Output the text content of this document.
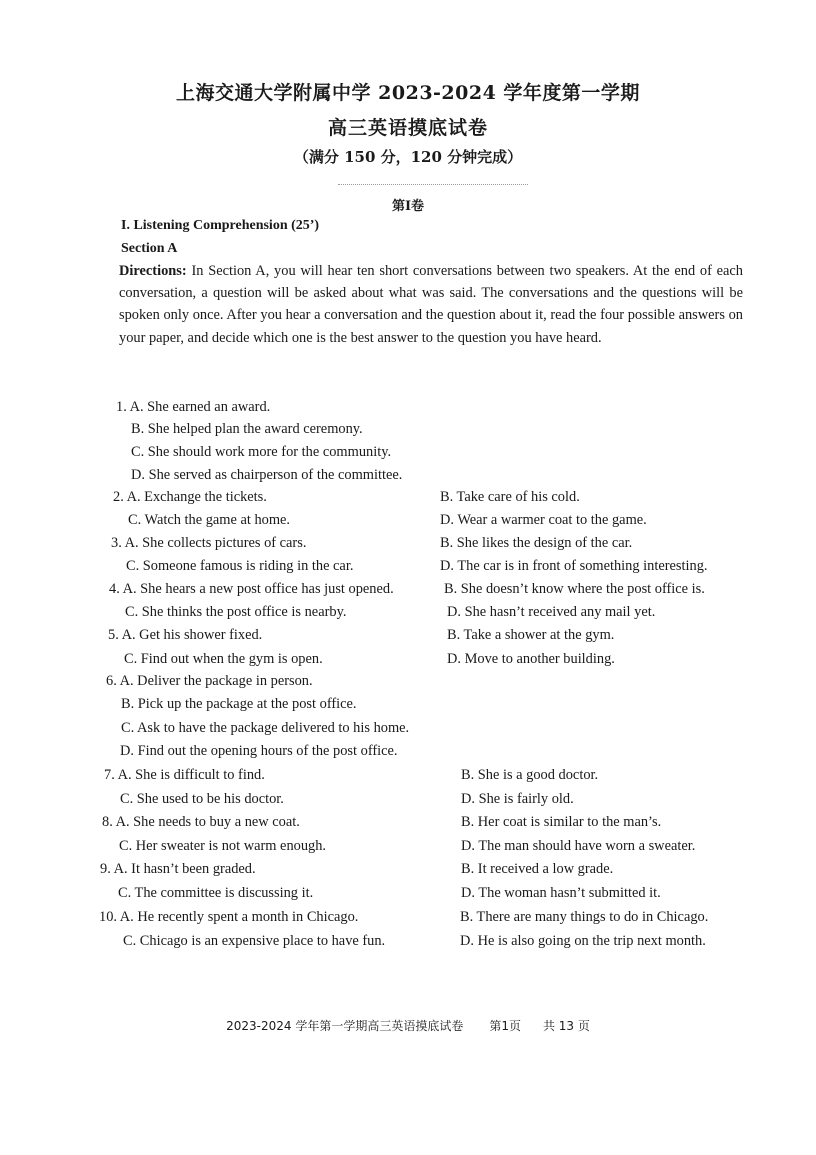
上海交通大学附属中学 2023-2024 学年度第一学期
高三英语摸底试卷
（满分 150 分，120 分钟完成）
第Ⅰ卷
I. Listening Comprehension (25’)
Section A
Directions: In Section A, you will hear ten short conversations between two speakers. At the end of each conversation, a question will be asked about what was said. The conversations and the questions will be spoken only once. After you hear a conversation and the question about it, read the four possible answers on your paper, and decide which one is the best answer to the question you have heard.
1. A. She earned an award.
B. She helped plan the award ceremony.
C. She should work more for the community.
D. She served as chairperson of the committee.
2. A. Exchange the tickets.	B. Take care of his cold.
C. Watch the game at home.	D. Wear a warmer coat to the game.
3. A. She collects pictures of cars.	B. She likes the design of the car.
C. Someone famous is riding in the car.	D. The car is in front of something interesting.
4. A. She hears a new post office has just opened.	B. She doesn’t know where the post office is.
C. She thinks the post office is nearby.	D. She hasn’t received any mail yet.
5. A. Get his shower fixed.	B. Take a shower at the gym.
C. Find out when the gym is open.	D. Move to another building.
6. A. Deliver the package in person.
B. Pick up the package at the post office.
C. Ask to have the package delivered to his home.
D. Find out the opening hours of the post office.
7. A. She is difficult to find.	B. She is a good doctor.
C. She used to be his doctor.	D. She is fairly old.
8. A. She needs to buy a new coat.	B. Her coat is similar to the man’s.
C. Her sweater is not warm enough.	D. The man should have worn a sweater.
9. A. It hasn’t been graded.	B. It received a low grade.
C. The committee is discussing it.	D. The woman hasn’t submitted it.
10. A. He recently spent a month in Chicago.	B. There are many things to do in Chicago.
C. Chicago is an expensive place to have fun.	D. He is also going on the trip next month.
2023-2024 学年第一学期高三英语摸底试卷 第1页 共 13 页
